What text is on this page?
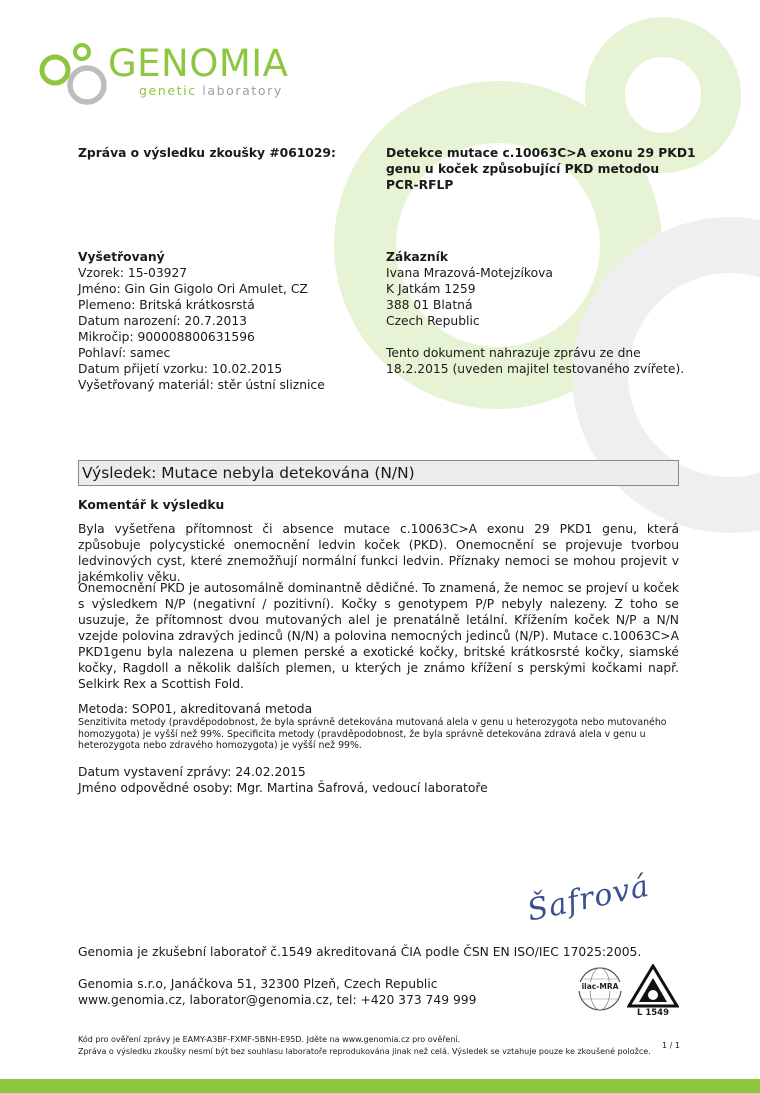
GENOMIA
genetic laboratory
Zpráva o výsledku zkoušky #061029:	Detekce mutace c.10063C>A exonu 29 PKD1
genu u koček způsobující PKD metodou
PCR-RFLP
Vyšetřovaný
Vzorek: 15-03927
Jméno: Gin Gin Gigolo Ori Amulet, CZ
Plemeno: Britská krátkosrstá
Datum narození: 20.7.2013
Mikročip: 900008800631596
Pohlaví: samec
Datum přijetí vzorku: 10.02.2015
Vyšetřovaný materiál: stěr ústní sliznice
Zákazník
Ivana Mrazová-Motejzíkova
K Jatkám 1259
388 01 Blatná
Czech Republic
Tento dokument nahrazuje zprávu ze dne
18.2.2015 (uveden majitel testovaného zvířete).
Výsledek: Mutace nebyla detekována (N/N)
Komentář k výsledku
Byla vyšetřena přítomnost či absence mutace c.10063C>A exonu 29 PKD1 genu, která způsobuje polycystické onemocnění ledvin koček (PKD). Onemocnění se projevuje tvorbou ledvinových cyst, které znemožňují normální funkci ledvin. Příznaky nemoci se mohou projevit v jakémkoliv věku.
Onemocnění PKD je autosomálně dominantně dědičné. To znamená, že nemoc se projeví u koček s výsledkem N/P (negativní / pozitivní). Kočky s genotypem P/P nebyly nalezeny. Z toho se usuzuje, že přítomnost dvou mutovaných alel je prenatálně letální. Křížením koček N/P a N/N vzejde polovina zdravých jedinců (N/N) a polovina nemocných jedinců (N/P). Mutace c.10063C>A PKD1genu byla nalezena u plemen perské a exotické kočky, britské krátkosrsté kočky, siamské kočky, Ragdoll a několik dalších plemen, u kterých je známo křížení s perskými kočkami např. Selkirk Rex a Scottish Fold.
Metoda: SOP01, akreditovaná metoda
Senzitivita metody (pravděpodobnost, že byla správně detekována mutovaná alela v genu u heterozygota nebo mutovaného homozygota) je vyšší než 99%. Specificita metody (pravděpodobnost, že byla správně detekována zdravá alela v genu u heterozygota nebo zdravého homozygota) je vyšší než 99%.
Datum vystavení zprávy: 24.02.2015
Jméno odpovědné osoby: Mgr. Martina Šafrová, vedoucí laboratoře
Šafrová
Genomia je zkušební laboratoř č.1549 akreditovaná ČIA podle ČSN EN ISO/IEC 17025:2005.
Genomia s.r.o, Janáčkova 51, 32300 Plzeň, Czech Republic
www.genomia.cz, laborator@genomia.cz, tel: +420 373 749 999
ilac-MRA
L 1549
Kód pro ověření zprávy je EAMY-A3BF-FXMF-5BNH-E95D. Jděte na www.genomia.cz pro ověření.
Zpráva o výsledku zkoušky nesmí být bez souhlasu laboratoře reprodukována jinak než celá. Výsledek se vztahuje pouze ke zkoušené položce.
1 / 1
